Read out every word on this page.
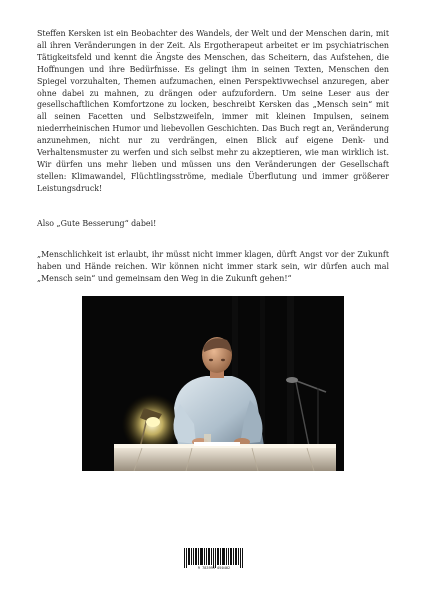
Steffen Kersken ist ein Beobachter des Wandels, der Welt und der Menschen darin, mit all ihren Veränderungen in der Zeit. Als Ergotherapeut arbeitet er im psychiatrischen Tätigkeitsfeld und kennt die Ängste des Menschen, das Scheitern, das Aufstehen, die Hoffnungen und ihre Bedürfnisse. Es gelingt ihm in seinen Texten, Menschen den Spiegel vorzuhalten, Themen aufzumachen, einen Perspektivwechsel anzuregen, aber ohne dabei zu mahnen, zu drängen oder aufzufordern. Um seine Leser aus der gesellschaftlichen Komfortzone zu locken, beschreibt Kersken das „Mensch sein“ mit all seinen Facetten und Selbstzweifeln, immer mit kleinen Impulsen, seinem niederrheinischen Humor und liebevollen Geschichten. Das Buch regt an, Veränderung anzunehmen, nicht nur zu verdrängen, einen Blick auf eigene Denk- und Verhaltensmuster zu werfen und sich selbst mehr zu akzeptieren, wie man wirklich ist. Wir dürfen uns mehr lieben und müssen uns den Veränderungen der Gesellschaft stellen: Klimawandel, Flüchtlingsströme, mediale Überflutung und immer größerer Leistungsdruck!

Also „Gute Besserung“ dabei!

„Menschlichkeit ist erlaubt, ihr müsst nicht immer klagen, dürft Angst vor der Zukunft haben und Hände reichen. Wir können nicht immer stark sein, wir dürfen auch mal „Mensch sein“ und gemeinsam den Weg in die Zukunft gehen!“

9 783991 050402
